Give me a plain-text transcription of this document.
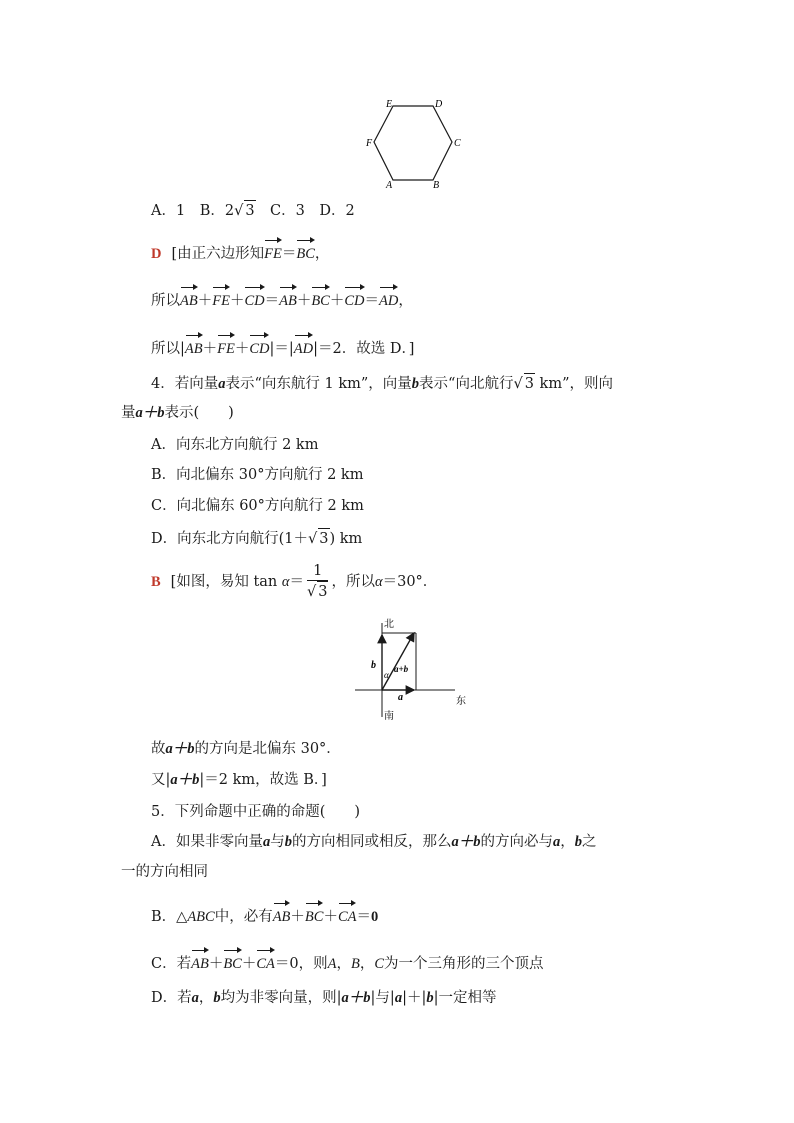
E	D
F	C
A	B
A．1　B．2√ 3　C．3　D．2
D [由正六边形知FE＝BC，
所以AB＋FE＋CD＝AB＋BC＋CD＝AD，
所以|AB＋FE＋CD|＝|AD|＝2．故选 D．]
4．若向量a表示“向东航行 1 km”，向量b表示“向北航行√ 3 km”，则向
量a＋b表示(　　)
A．向东北方向航行 2 km
B．向北偏东 30°方向航行 2 km
C．向北偏东 60°方向航行 2 km
D．向东北方向航行(1＋√ 3) km
B [如图，易知 $\tan \alpha= \frac{1}{√ 3}$ ，所以α＝30°．
北
南
东
b
a
a+b
α
故a＋b的方向是北偏东 30°．
又|a＋b|＝2 km，故选 B．]
5．下列命题中正确的命题(　　)
A．如果非零向量a与b的方向相同或相反，那么a＋b的方向必与a，b之
一的方向相同
B．△ABC中，必有AB＋BC＋CA＝0
C．若AB＋BC＋CA＝0，则A，B，C为一个三角形的三个顶点
D．若a，b均为非零向量，则|a＋b|与|a|＋|b|一定相等
